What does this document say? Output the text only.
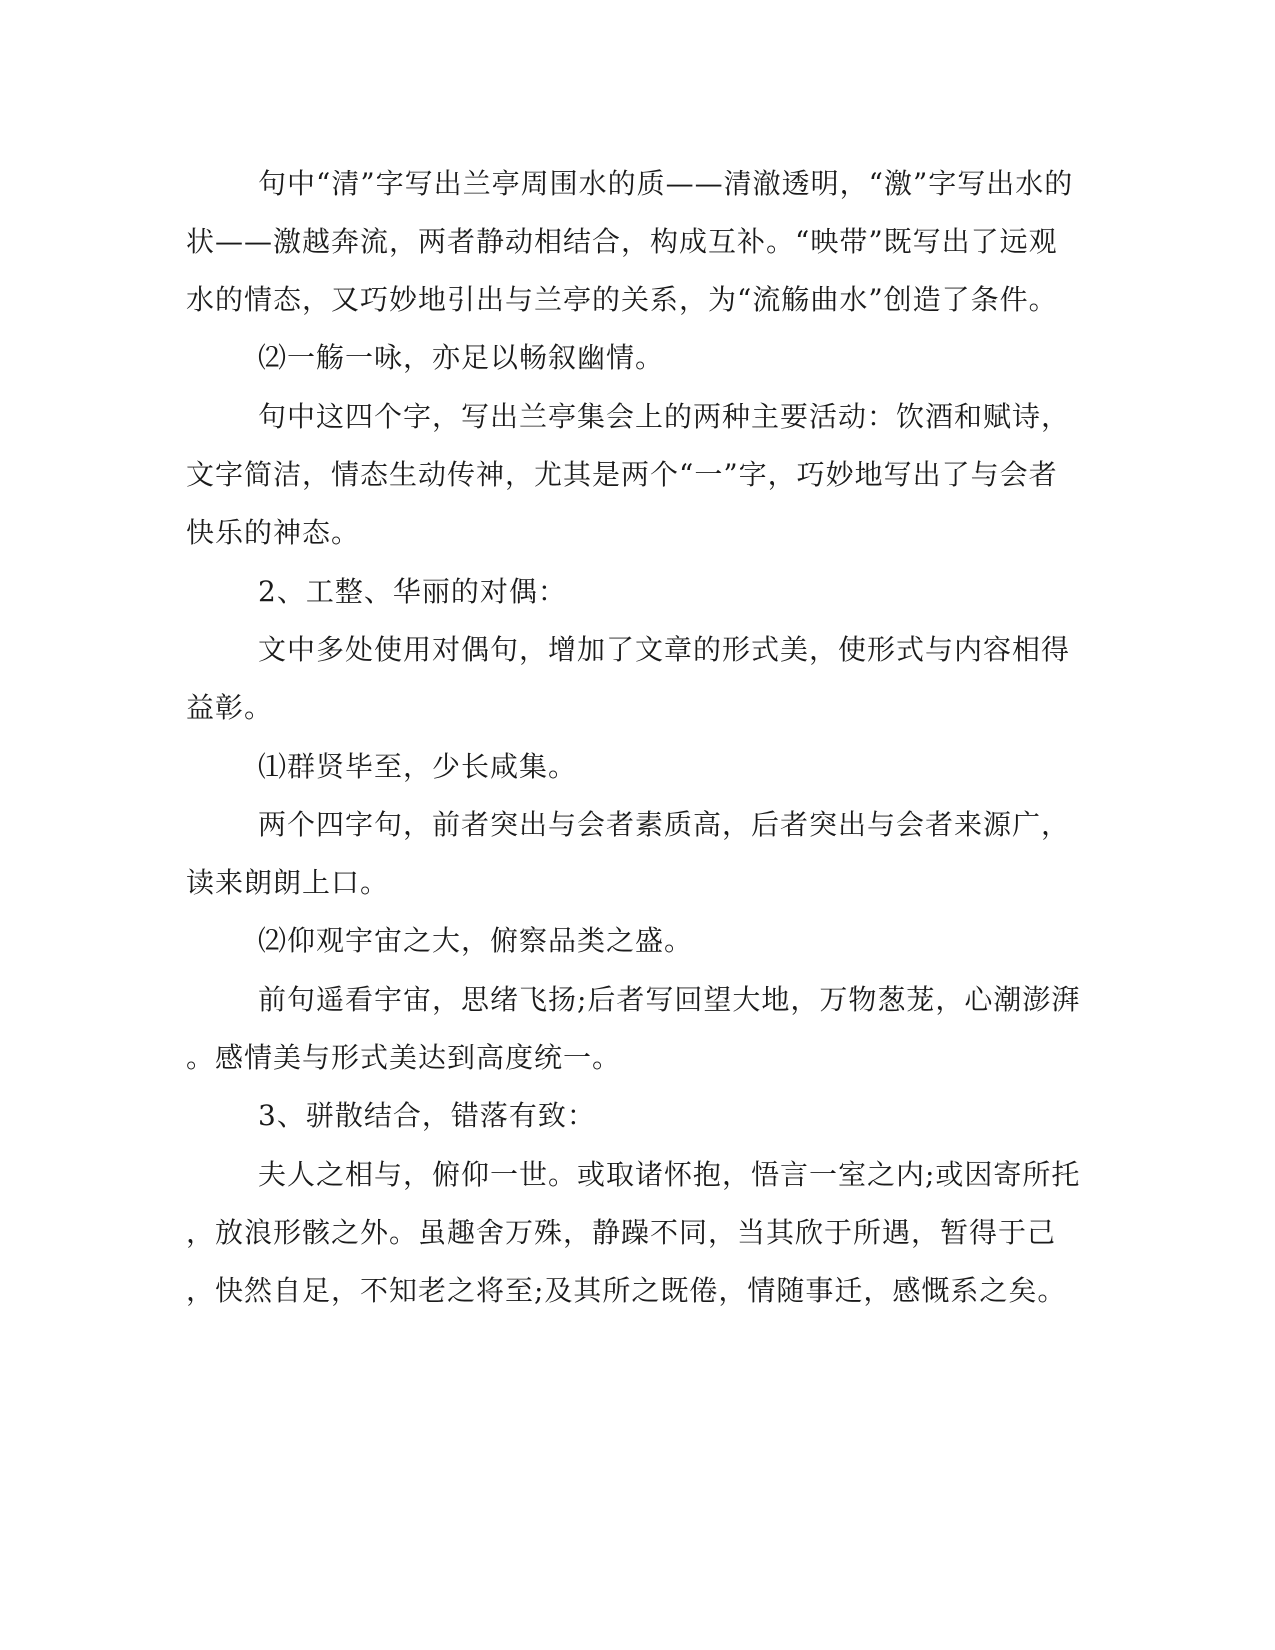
句中“清”字写出兰亭周围水的质——清澈透明，“激”字写出水的
状——激越奔流，两者静动相结合，构成互补。“映带”既写出了远观
水的情态，又巧妙地引出与兰亭的关系，为“流觞曲水”创造了条件。
⑵一觞一咏，亦足以畅叙幽情。
句中这四个字，写出兰亭集会上的两种主要活动：饮酒和赋诗，
文字简洁，情态生动传神，尤其是两个“一”字，巧妙地写出了与会者
快乐的神态。
2、工整、华丽的对偶：
文中多处使用对偶句，增加了文章的形式美，使形式与内容相得
益彰。
⑴群贤毕至，少长咸集。
两个四字句，前者突出与会者素质高，后者突出与会者来源广，
读来朗朗上口。
⑵仰观宇宙之大，俯察品类之盛。
前句遥看宇宙，思绪飞扬;后者写回望大地，万物葱茏，心潮澎湃
。感情美与形式美达到高度统一。
3、骈散结合，错落有致：
夫人之相与，俯仰一世。或取诸怀抱，悟言一室之内;或因寄所托
，放浪形骸之外。虽趣舍万殊，静躁不同，当其欣于所遇，暂得于己
，快然自足，不知老之将至;及其所之既倦，情随事迁，感慨系之矣。
